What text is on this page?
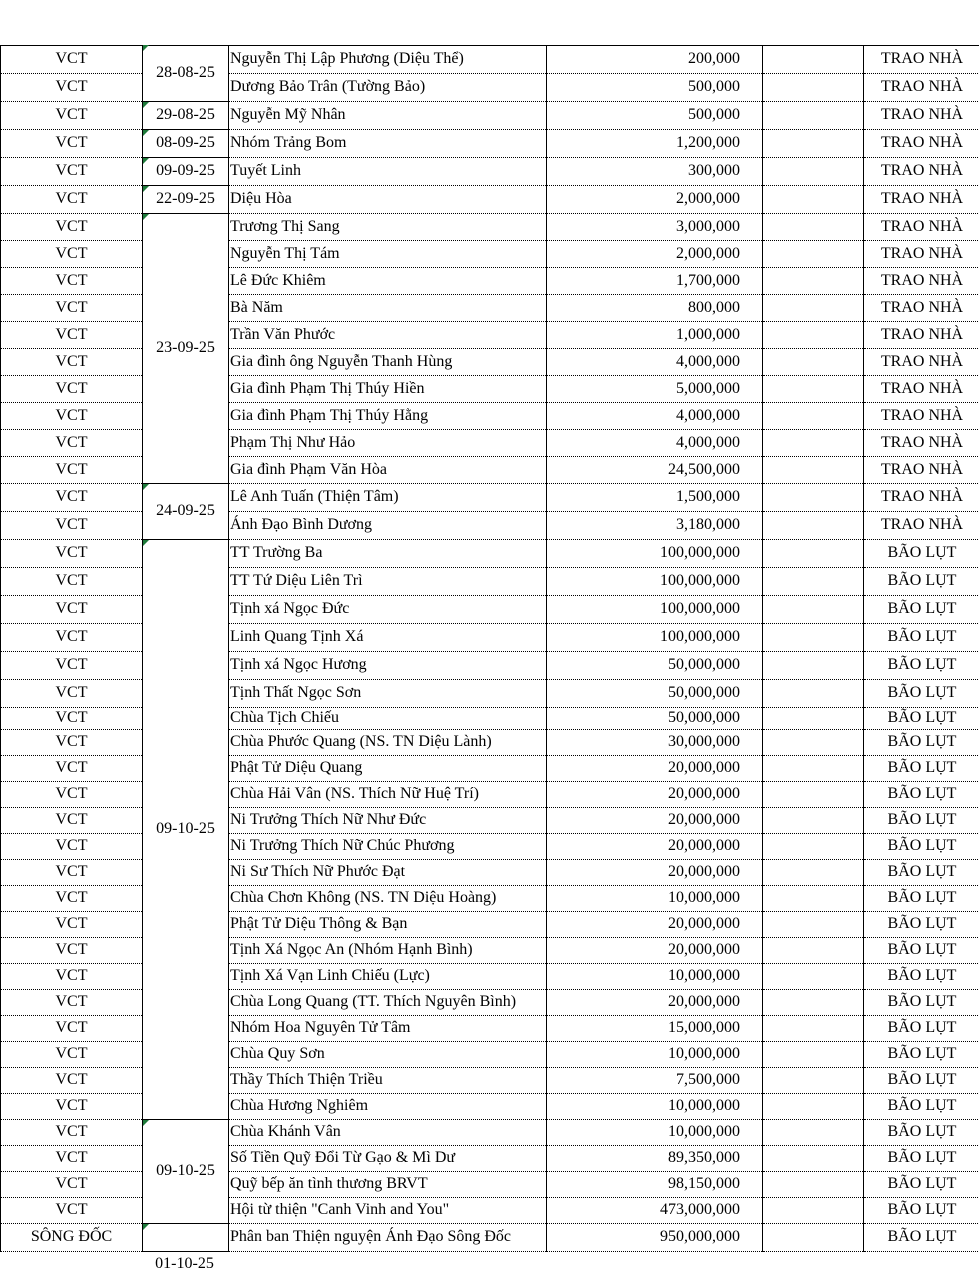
VCT	28-08-25	Nguyễn Thị Lập Phương (Diệu Thể)	200,000		TRAO NHÀ
VCT		Dương Bảo Trân (Tường Bảo)	500,000		TRAO NHÀ
VCT	29-08-25	Nguyễn Mỹ Nhân	500,000		TRAO NHÀ
VCT	08-09-25	Nhóm Trảng Bom	1,200,000		TRAO NHÀ
VCT	09-09-25	Tuyết Linh	300,000		TRAO NHÀ
VCT	22-09-25	Diệu Hòa	2,000,000		TRAO NHÀ
VCT	23-09-25	Trương Thị Sang	3,000,000		TRAO NHÀ
VCT		Nguyễn Thị Tám	2,000,000		TRAO NHÀ
VCT		Lê Đức Khiêm	1,700,000		TRAO NHÀ
VCT		Bà Năm	800,000		TRAO NHÀ
VCT		Trần Văn Phước	1,000,000		TRAO NHÀ
VCT		Gia đình ông Nguyễn Thanh Hùng	4,000,000		TRAO NHÀ
VCT		Gia đình Phạm Thị Thúy Hiền	5,000,000		TRAO NHÀ
VCT		Gia đình Phạm Thị Thúy Hằng	4,000,000		TRAO NHÀ
VCT		Phạm Thị Như Hảo	4,000,000		TRAO NHÀ
VCT		Gia đình Phạm Văn Hòa	24,500,000		TRAO NHÀ
VCT	24-09-25	Lê Anh Tuấn (Thiện Tâm)	1,500,000		TRAO NHÀ
VCT		Ánh Đạo Bình Dương	3,180,000		TRAO NHÀ
VCT	09-10-25	TT Trường Ba	100,000,000		BÃO LỤT
VCT		TT Tứ Diệu Liên Trì	100,000,000		BÃO LỤT
VCT		Tịnh xá Ngọc Đức	100,000,000		BÃO LỤT
VCT		Linh Quang Tịnh Xá	100,000,000		BÃO LỤT
VCT		Tịnh xá Ngọc Hương	50,000,000		BÃO LỤT
VCT		Tịnh Thất Ngọc Sơn	50,000,000		BÃO LỤT
VCT		Chùa Tịch Chiếu	50,000,000		BÃO LỤT
VCT		Chùa Phước Quang (NS. TN Diệu Lành)	30,000,000		BÃO LỤT
VCT		Phật Tử Diệu Quang	20,000,000		BÃO LỤT
VCT		Chùa Hải Vân (NS. Thích Nữ Huệ Trí)	20,000,000		BÃO LỤT
VCT		Ni Trưởng Thích Nữ Như Đức	20,000,000		BÃO LỤT
VCT		Ni Trưởng Thích Nữ Chúc Phương	20,000,000		BÃO LỤT
VCT		Ni Sư Thích Nữ Phước Đạt	20,000,000		BÃO LỤT
VCT		Chùa Chơn Không (NS. TN Diệu Hoàng)	10,000,000		BÃO LỤT
VCT		Phật Tử Diệu Thông & Bạn	20,000,000		BÃO LỤT
VCT		Tịnh Xá Ngọc An (Nhóm Hạnh Bình)	20,000,000		BÃO LỤT
VCT		Tịnh Xá Vạn Linh Chiếu (Lực)	10,000,000		BÃO LỤT
VCT		Chùa Long Quang (TT. Thích Nguyên Bình)	20,000,000		BÃO LỤT
VCT		Nhóm Hoa Nguyên Tử Tâm	15,000,000		BÃO LỤT
VCT		Chùa Quy Sơn	10,000,000		BÃO LỤT
VCT		Thầy Thích Thiện Triều	7,500,000		BÃO LỤT
VCT		Chùa Hương Nghiêm	10,000,000		BÃO LỤT
VCT	09-10-25	Chùa Khánh Vân	10,000,000		BÃO LỤT
VCT		Số Tiền Quỹ Đổi Từ Gạo & Mì Dư	89,350,000		BÃO LỤT
VCT		Quỹ bếp ăn tình thương BRVT	98,150,000		BÃO LỤT
VCT		Hội từ thiện "Canh Vinh and You"	473,000,000		BÃO LỤT
SÔNG ĐỐC		Phân ban Thiện nguyện Ánh Đạo Sông Đốc	950,000,000		BÃO LỤT
01-10-25
